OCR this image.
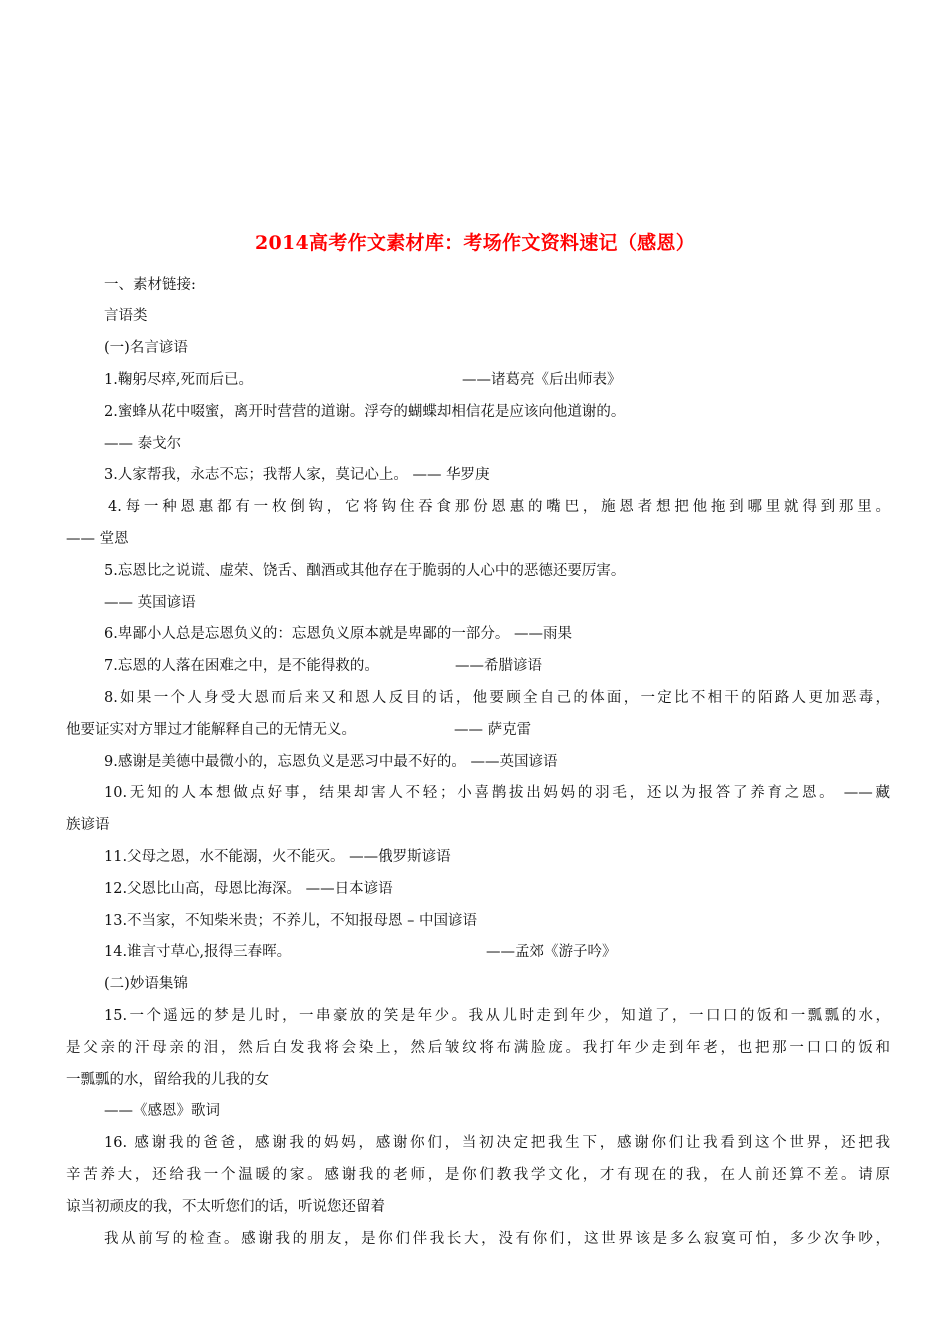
2014高考作文素材库：考场作文资料速记（感恩）
一、素材链接:
言语类
(一)名言谚语
1.鞠躬尽瘁,死而后已。	——诸葛亮《后出师表》
2.蜜蜂从花中啜蜜，离开时营营的道谢。浮夸的蝴蝶却相信花是应该向他道谢的。
—— 泰戈尔
3.人家帮我，永志不忘；我帮人家，莫记心上。 —— 华罗庚
4.每一种恩惠都有一枚倒钩，它将钩住吞食那份恩惠的嘴巴，施恩者想把他拖到哪里就得到那里。
—— 堂恩
5.忘恩比之说谎、虚荣、饶舌、酗酒或其他存在于脆弱的人心中的恶德还要厉害。
—— 英国谚语
6.卑鄙小人总是忘恩负义的：忘恩负义原本就是卑鄙的一部分。 ——雨果
7.忘恩的人落在困难之中，是不能得救的。	——希腊谚语
8.如果一个人身受大恩而后来又和恩人反目的话，他要顾全自己的体面，一定比不相干的陌路人更加恶毒，
他要证实对方罪过才能解释自己的无情无义。	—— 萨克雷
9.感谢是美德中最微小的，忘恩负义是恶习中最不好的。 ——英国谚语
10.无知的人本想做点好事，结果却害人不轻；小喜鹊拔出妈妈的羽毛，还以为报答了养育之恩。 ——藏
族谚语
11.父母之恩，水不能溺，火不能灭。 ——俄罗斯谚语
12.父恩比山高，母恩比海深。 ——日本谚语
13.不当家，不知柴米贵；不养儿，不知报母恩 – 中国谚语
14.谁言寸草心,报得三春晖。	——孟郊《游子吟》
(二)妙语集锦
15.一个遥远的梦是儿时，一串豪放的笑是年少。我从儿时走到年少，知道了，一口口的饭和一瓢瓢的水，
是父亲的汗母亲的泪，然后白发我将会染上，然后皱纹将布满脸庞。我打年少走到年老，也把那一口口的饭和
一瓢瓢的水，留给我的儿我的女
——《感恩》歌词
16. 感谢我的爸爸，感谢我的妈妈，感谢你们，当初决定把我生下，感谢你们让我看到这个世界，还把我
辛苦养大，还给我一个温暖的家。感谢我的老师，是你们教我学文化，才有现在的我，在人前还算不差。请原
谅当初顽皮的我，不太听您们的话，听说您还留着
我从前写的检查。感谢我的朋友，是你们伴我长大，没有你们，这世界该是多么寂寞可怕，多少次争吵，
